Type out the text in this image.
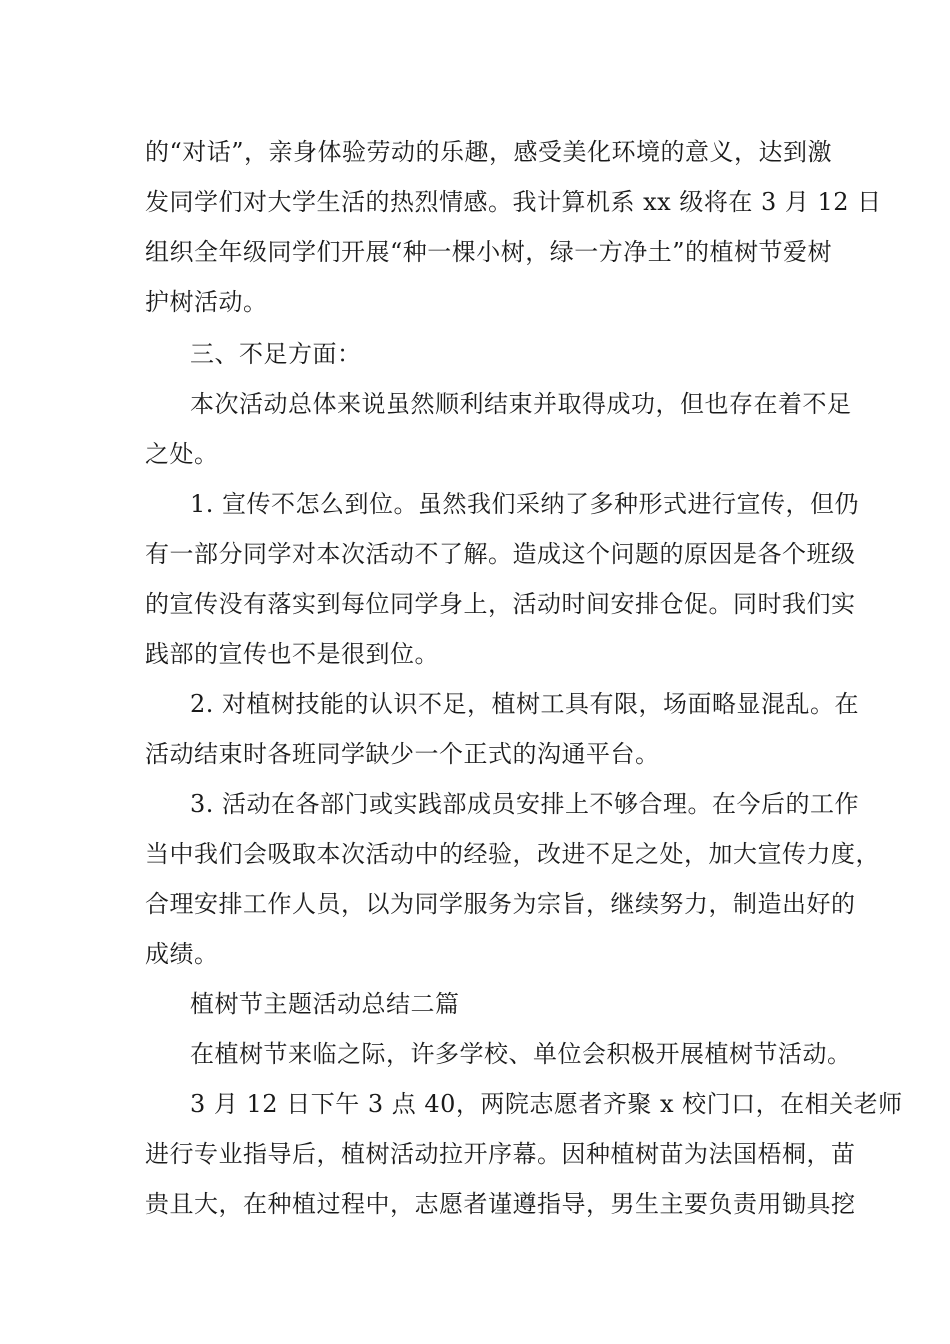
的“对话”，亲身体验劳动的乐趣，感受美化环境的意义，达到激
发同学们对大学生活的热烈情感。我计算机系 xx 级将在 3 月 12 日
组织全年级同学们开展“种一棵小树，绿一方净土”的植树节爱树
护树活动。
三、不足方面：
本次活动总体来说虽然顺利结束并取得成功，但也存在着不足
之处。
1. 宣传不怎么到位。虽然我们采纳了多种形式进行宣传，但仍
有一部分同学对本次活动不了解。造成这个问题的原因是各个班级
的宣传没有落实到每位同学身上，活动时间安排仓促。同时我们实
践部的宣传也不是很到位。
2. 对植树技能的认识不足，植树工具有限，场面略显混乱。在
活动结束时各班同学缺少一个正式的沟通平台。
3. 活动在各部门或实践部成员安排上不够合理。在今后的工作
当中我们会吸取本次活动中的经验，改进不足之处，加大宣传力度，
合理安排工作人员，以为同学服务为宗旨，继续努力，制造出好的
成绩。
植树节主题活动总结二篇
在植树节来临之际，许多学校、单位会积极开展植树节活动。
3 月 12 日下午 3 点 40，两院志愿者齐聚 x 校门口，在相关老师
进行专业指导后，植树活动拉开序幕。因种植树苗为法国梧桐，苗
贵且大，在种植过程中，志愿者谨遵指导，男生主要负责用锄具挖
